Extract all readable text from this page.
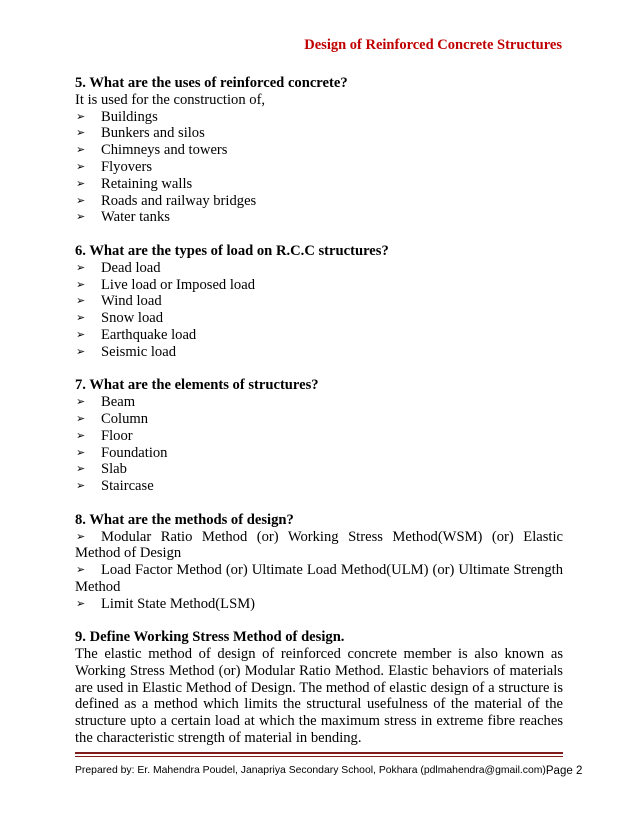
Design of Reinforced Concrete Structures
5. What are the uses of reinforced concrete?
It is used for the construction of,
➢ Buildings
➢ Bunkers and silos
➢ Chimneys and towers
➢ Flyovers
➢ Retaining walls
➢ Roads and railway bridges
➢ Water tanks
6. What are the types of load on R.C.C structures?
➢ Dead load
➢ Live load or Imposed load
➢ Wind load
➢ Snow load
➢ Earthquake load
➢ Seismic load
7. What are the elements of structures?
➢ Beam
➢ Column
➢ Floor
➢ Foundation
➢ Slab
➢ Staircase
8. What are the methods of design?
➢	Modular Ratio Method (or) Working Stress Method(WSM) (or) Elastic Method of Design
➢	Load Factor Method (or) Ultimate Load Method(ULM) (or) Ultimate Strength Method
➢ Limit State Method(LSM)
9. Define Working Stress Method of design.
The elastic method of design of reinforced concrete member is also known as Working Stress Method (or) Modular Ratio Method. Elastic behaviors of materials are used in Elastic Method of Design. The method of elastic design of a structure is defined as a method which limits the structural usefulness of the material of the structure upto a certain load at which the maximum stress in extreme fibre reaches the characteristic strength of material in bending.
Prepared by: Er. Mahendra Poudel, Janapriya Secondary School, Pokhara (pdlmahendra@gmail.com) Page 2
